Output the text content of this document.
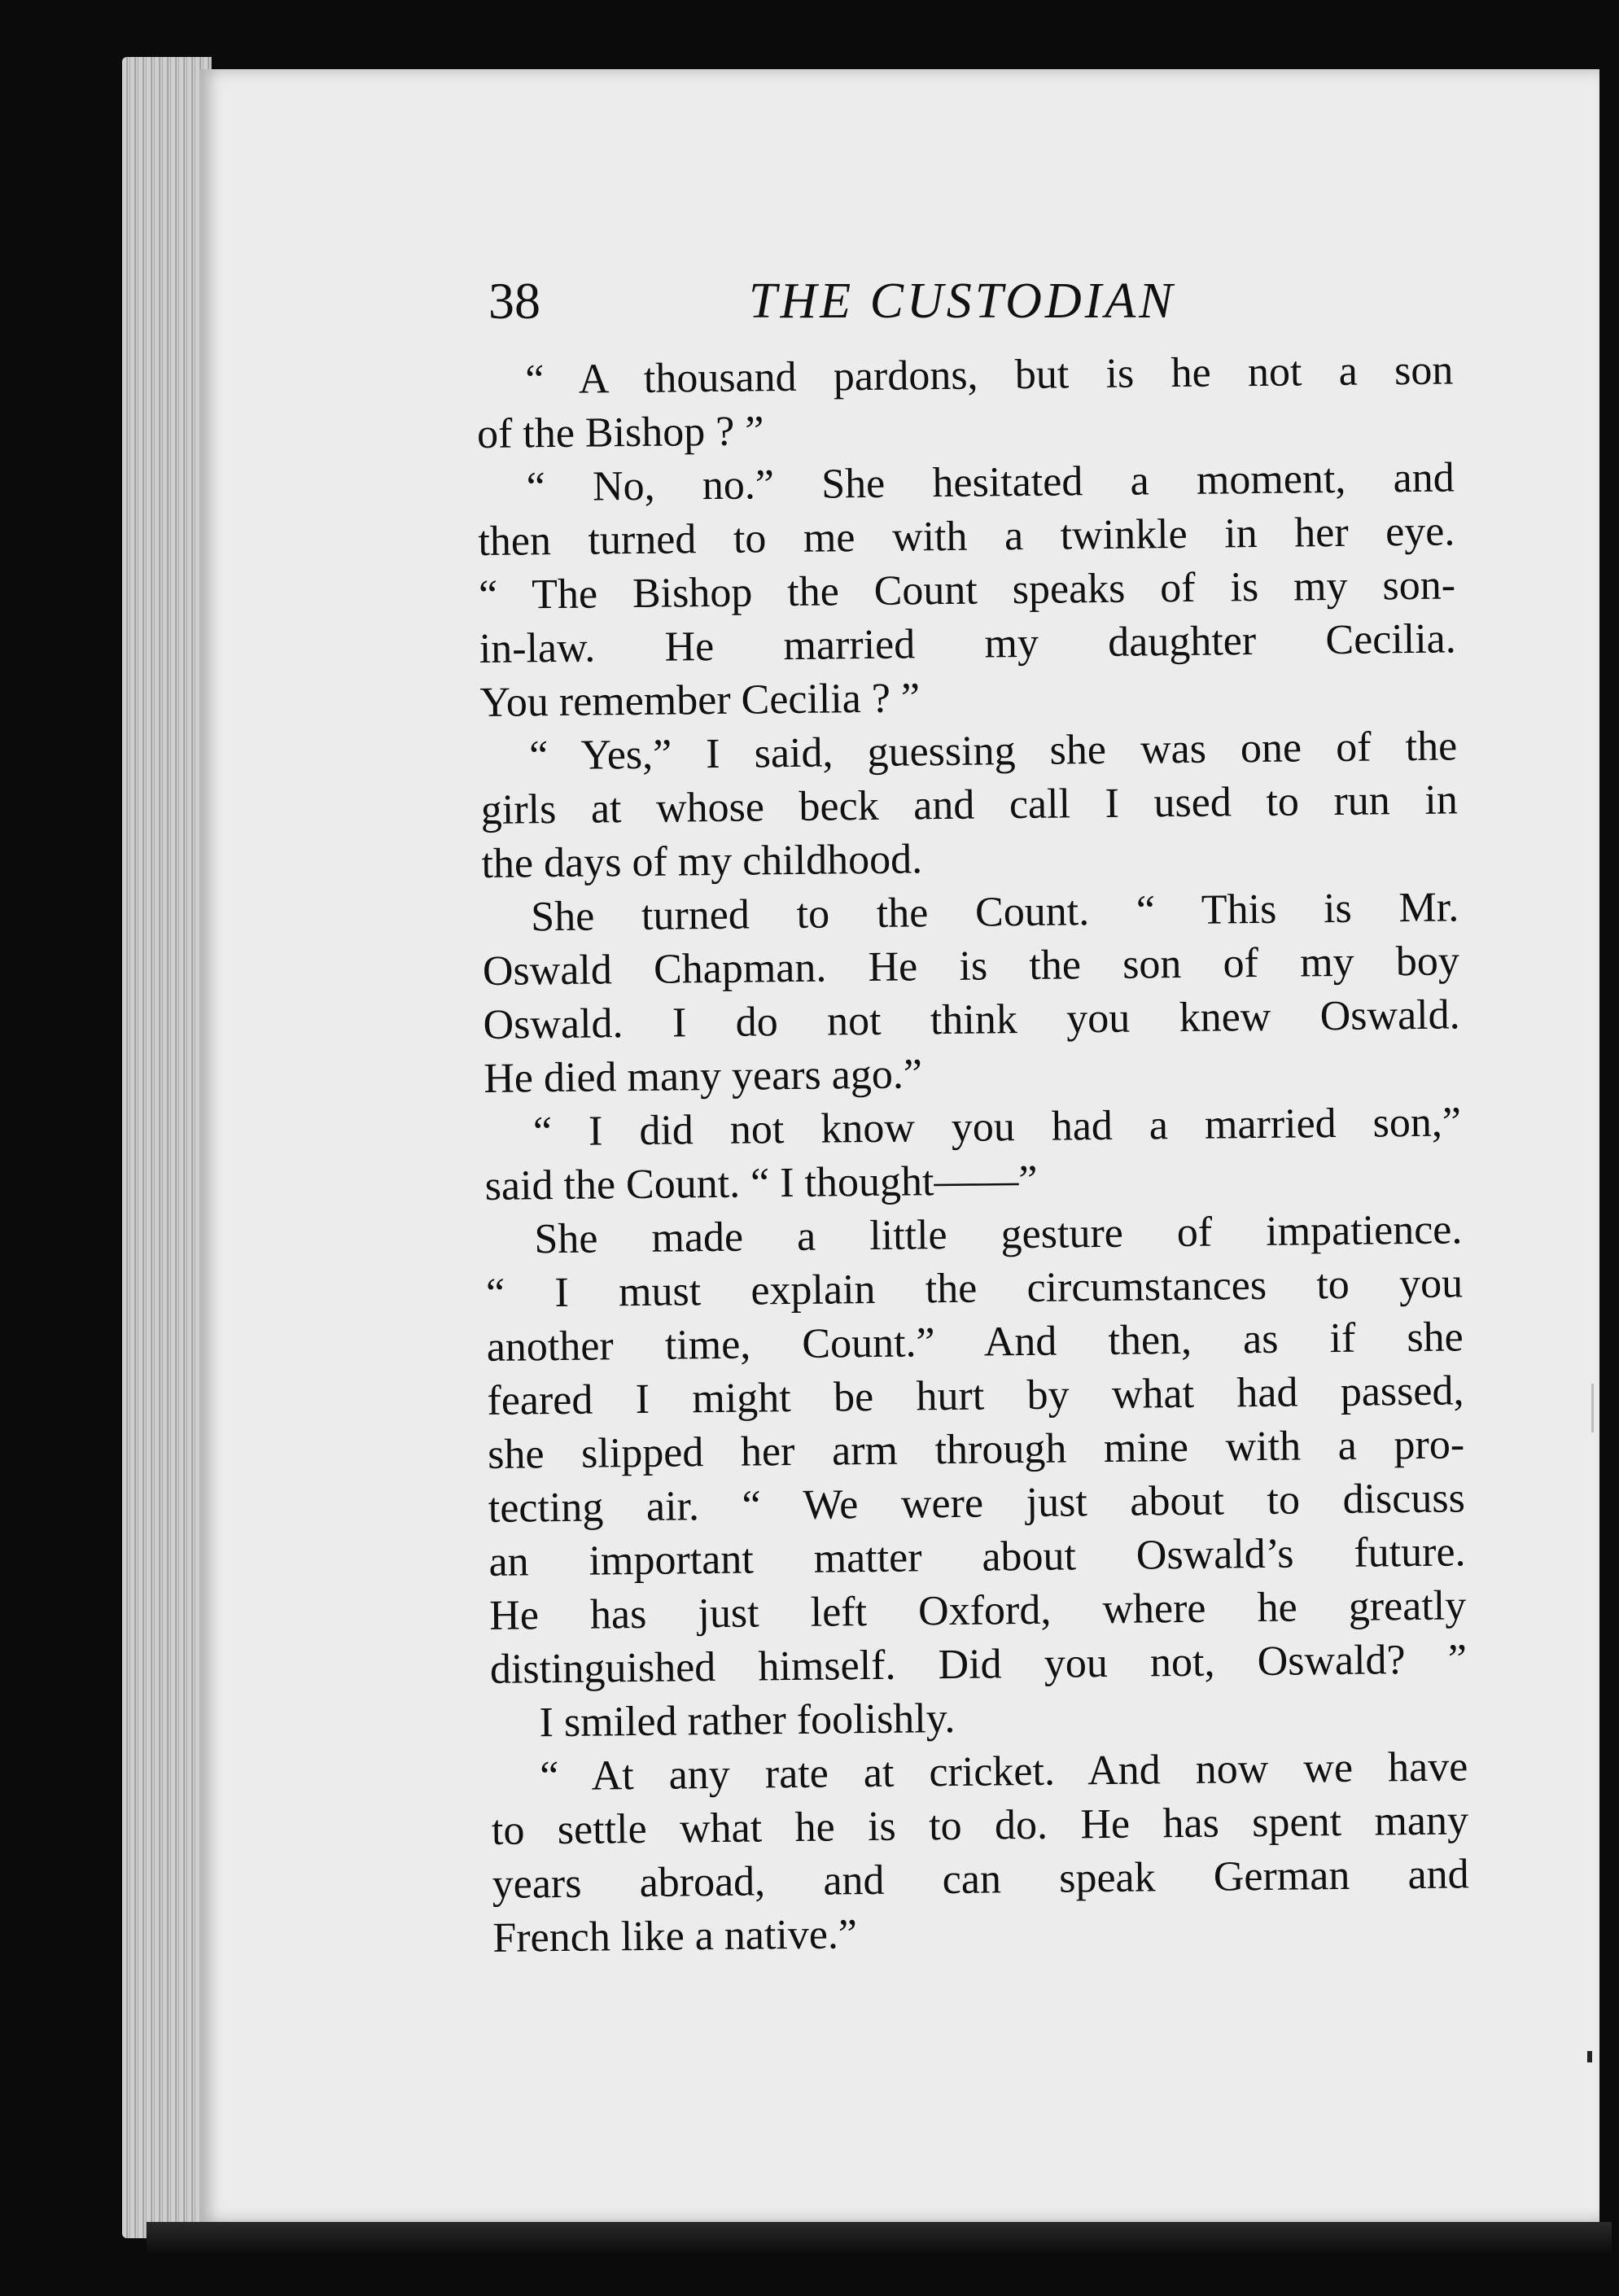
38	THE CUSTODIAN
“ A thousand pardons, but is he not a son
of the Bishop ? ”
“ No, no.” She hesitated a moment, and
then turned to me with a twinkle in her eye.
“ The Bishop the Count speaks of is my son-
in-law. He married my daughter Cecilia.
You remember Cecilia ? ”
“ Yes,” I said, guessing she was one of the
girls at whose beck and call I used to run in
the days of my childhood.
She turned to the Count. “ This is Mr.
Oswald Chapman. He is the son of my boy
Oswald. I do not think you knew Oswald.
He died many years ago.”
“ I did not know you had a married son,”
said the Count. “ I thought——”
She made a little gesture of impatience.
“ I must explain the circumstances to you
another time, Count.” And then, as if she
feared I might be hurt by what had passed,
she slipped her arm through mine with a pro-
tecting air. “ We were just about to discuss
an important matter about Oswald’s future.
He has just left Oxford, where he greatly
distinguished himself. Did you not, Oswald? ”
I smiled rather foolishly.
“ At any rate at cricket. And now we have
to settle what he is to do. He has spent many
years abroad, and can speak German and
French like a native.”
